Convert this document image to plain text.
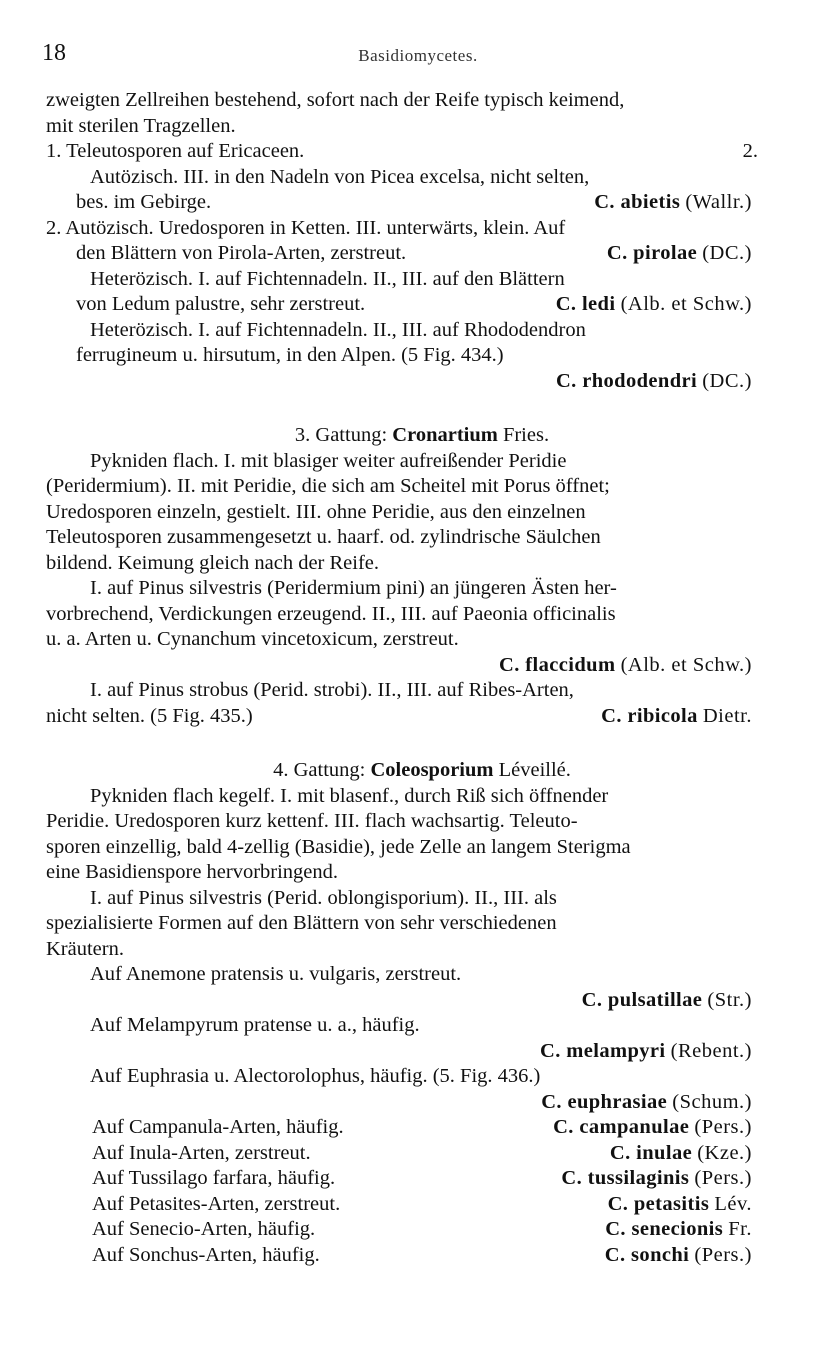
18	Basidiomycetes.
zweigten Zellreihen bestehend, sofort nach der Reife typisch keimend,
mit sterilen Tragzellen.
1. Teleutosporen auf Ericaceen.	2.
Autözisch. III. in den Nadeln von Picea excelsa, nicht selten,
bes. im Gebirge.	C. abietis (Wallr.)
2. Autözisch. Uredosporen in Ketten. III. unterwärts, klein. Auf
den Blättern von Pirola-Arten, zerstreut.	C. pirolae (DC.)
Heterözisch. I. auf Fichtennadeln. II., III. auf den Blättern
von Ledum palustre, sehr zerstreut.	C. ledi (Alb. et Schw.)
Heterözisch. I. auf Fichtennadeln. II., III. auf Rhododendron
ferrugineum u. hirsutum, in den Alpen. (5 Fig. 434.)
C. rhododendri (DC.)
3. Gattung: Cronartium Fries.
Pykniden flach. I. mit blasiger weiter aufreißender Peridie
(Peridermium). II. mit Peridie, die sich am Scheitel mit Porus öffnet;
Uredosporen einzeln, gestielt. III. ohne Peridie, aus den einzelnen
Teleutosporen zusammengesetzt u. haarf. od. zylindrische Säulchen
bildend. Keimung gleich nach der Reife.
I. auf Pinus silvestris (Peridermium pini) an jüngeren Ästen her-
vorbrechend, Verdickungen erzeugend. II., III. auf Paeonia officinalis
u. a. Arten u. Cynanchum vincetoxicum, zerstreut.
C. flaccidum (Alb. et Schw.)
I. auf Pinus strobus (Perid. strobi). II., III. auf Ribes-Arten,
nicht selten. (5 Fig. 435.)	C. ribicola Dietr.
4. Gattung: Coleosporium Léveillé.
Pykniden flach kegelf. I. mit blasenf., durch Riß sich öffnender
Peridie. Uredosporen kurz kettenf. III. flach wachsartig. Teleuto-
sporen einzellig, bald 4-zellig (Basidie), jede Zelle an langem Sterigma
eine Basidienspore hervorbringend.
I. auf Pinus silvestris (Perid. oblongisporium). II., III. als
spezialisierte Formen auf den Blättern von sehr verschiedenen
Kräutern.
Auf Anemone pratensis u. vulgaris, zerstreut.
C. pulsatillae (Str.)
Auf Melampyrum pratense u. a., häufig.
C. melampyri (Rebent.)
Auf Euphrasia u. Alectorolophus, häufig. (5. Fig. 436.)
C. euphrasiae (Schum.)
Auf Campanula-Arten, häufig.	C. campanulae (Pers.)
Auf Inula-Arten, zerstreut.	C. inulae (Kze.)
Auf Tussilago farfara, häufig.	C. tussilaginis (Pers.)
Auf Petasites-Arten, zerstreut.	C. petasitis Lév.
Auf Senecio-Arten, häufig.	C. senecionis Fr.
Auf Sonchus-Arten, häufig.	C. sonchi (Pers.)
